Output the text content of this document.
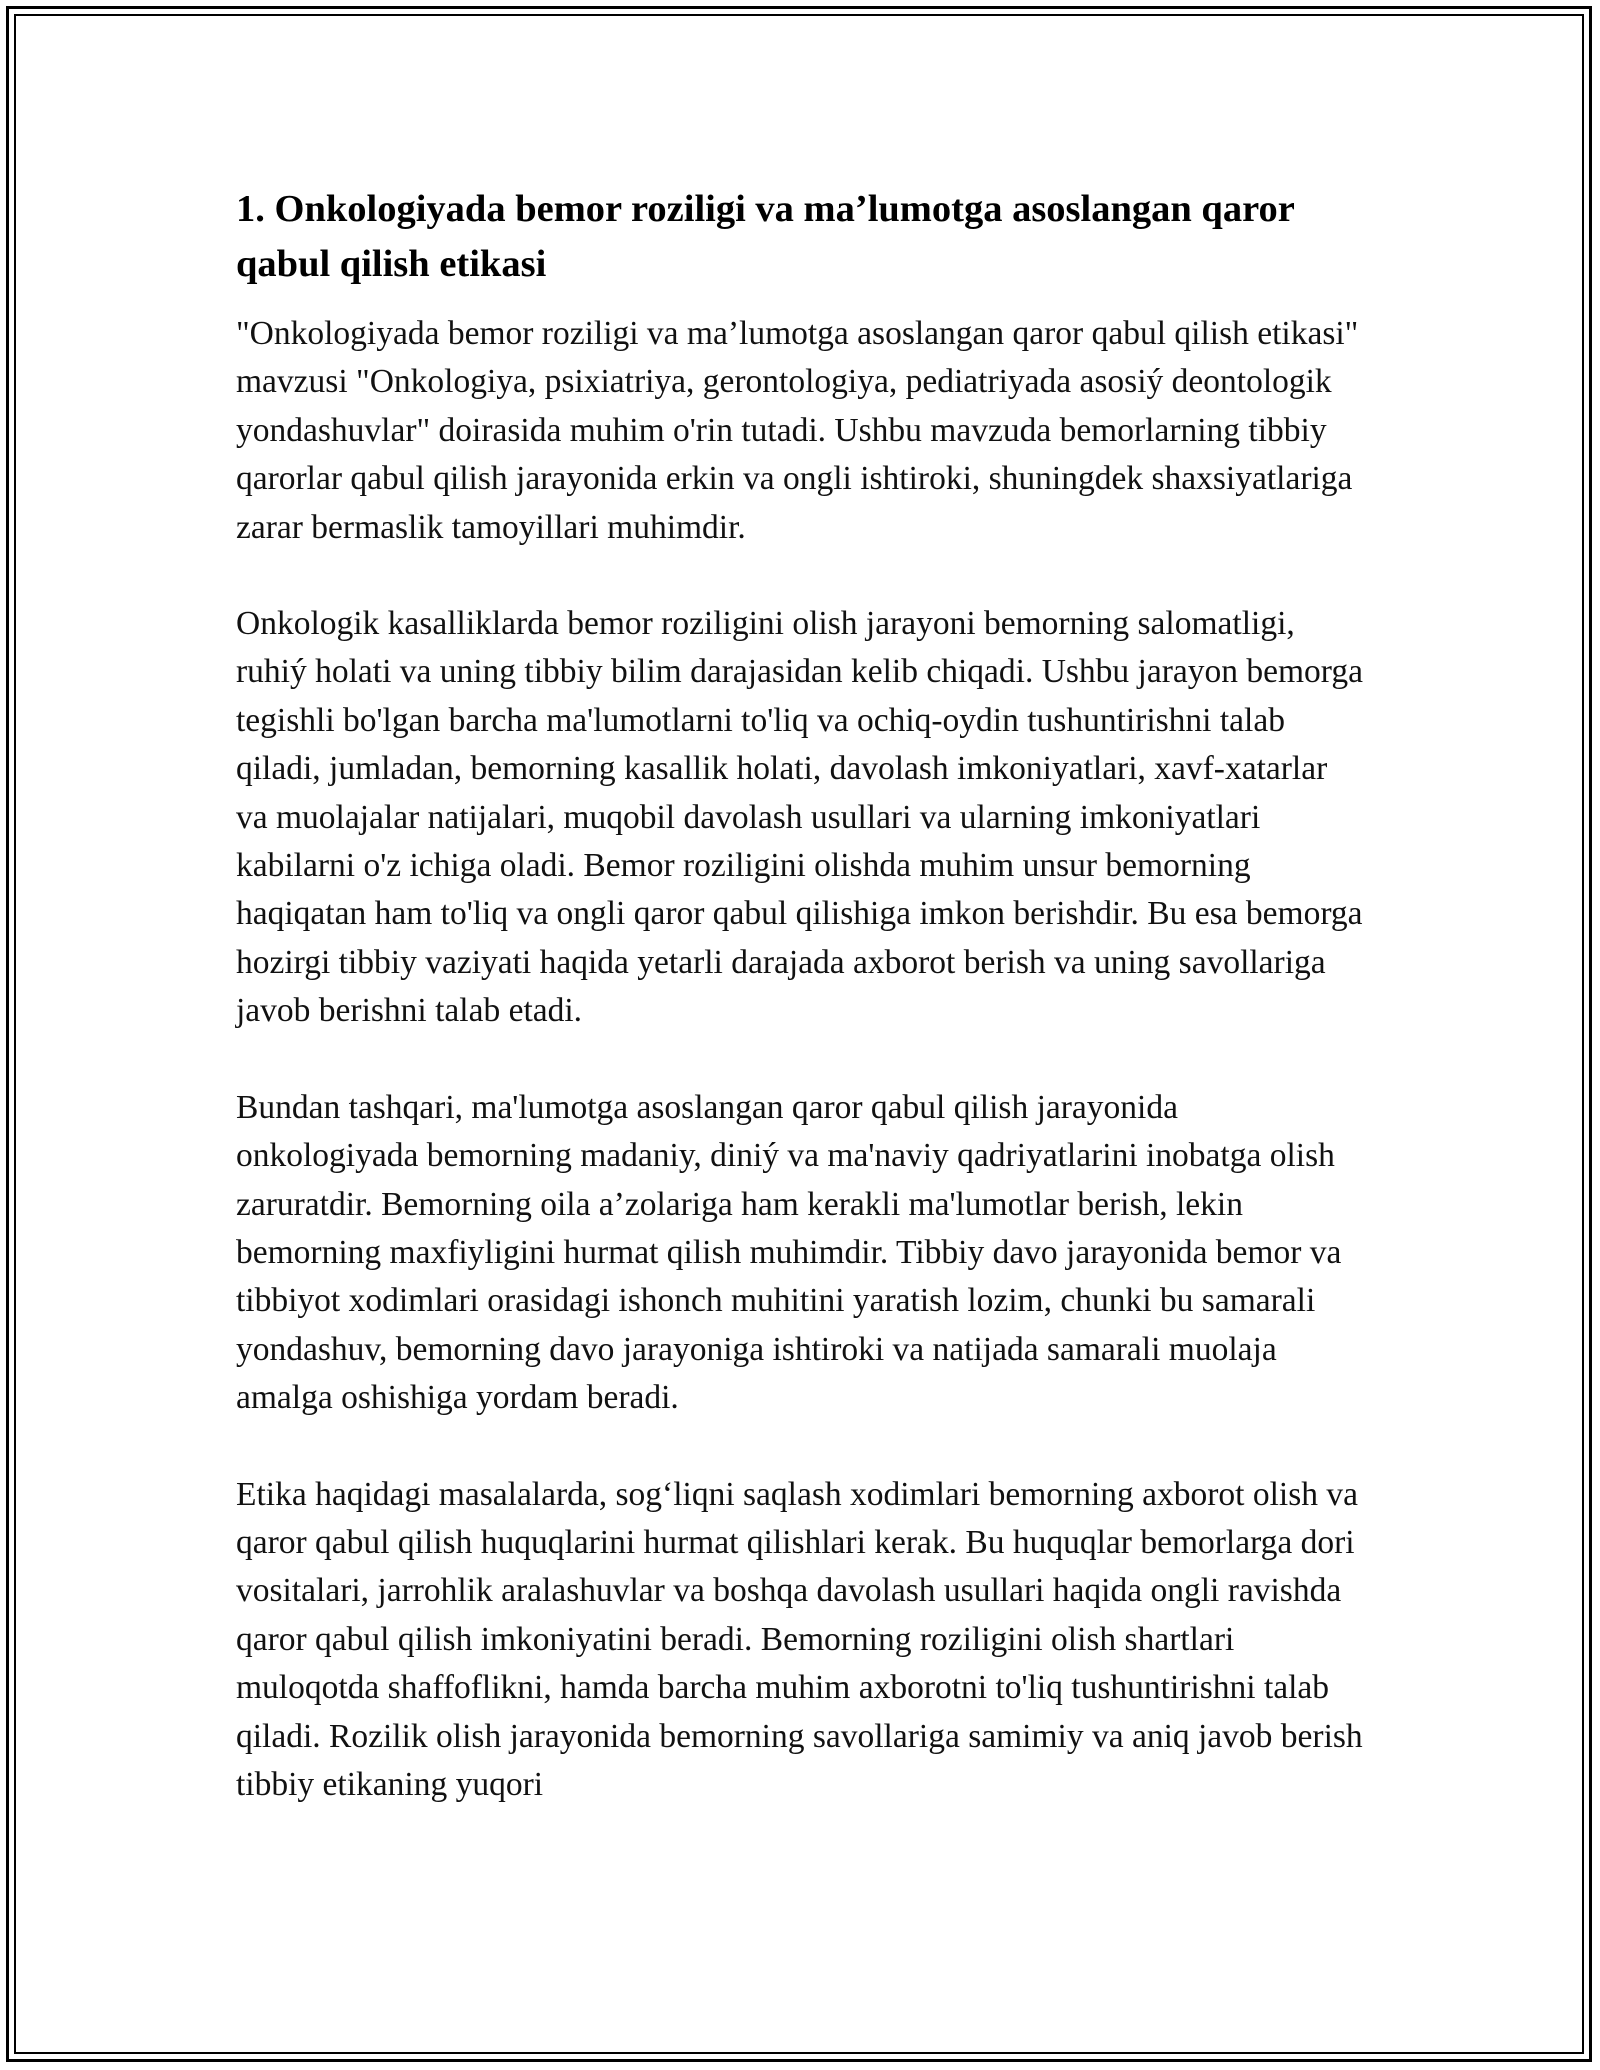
1. Onkologiyada bemor roziligi va ma’lumotga asoslangan qaror qabul qilish etikasi

"Onkologiyada bemor roziligi va ma’lumotga asoslangan qaror qabul qilish etikasi" mavzusi "Onkologiya, psixiatriya, gerontologiya, pediatriyada asosiý deontologik yondashuvlar" doirasida muhim o'rin tutadi. Ushbu mavzuda bemorlarning tibbiy qarorlar qabul qilish jarayonida erkin va ongli ishtiroki, shuningdek shaxsiyatlariga zarar bermaslik tamoyillari muhimdir.

Onkologik kasalliklarda bemor roziligini olish jarayoni bemorning salomatligi, ruhiý holati va uning tibbiy bilim darajasidan kelib chiqadi. Ushbu jarayon bemorga tegishli bo'lgan barcha ma'lumotlarni to'liq va ochiq-oydin tushuntirishni talab qiladi, jumladan, bemorning kasallik holati, davolash imkoniyatlari, xavf-xatarlar va muolajalar natijalari, muqobil davolash usullari va ularning imkoniyatlari kabilarni o'z ichiga oladi. Bemor roziligini olishda muhim unsur bemorning haqiqatan ham to'liq va ongli qaror qabul qilishiga imkon berishdir. Bu esa bemorga hozirgi tibbiy vaziyati haqida yetarli darajada axborot berish va uning savollariga javob berishni talab etadi.

Bundan tashqari, ma'lumotga asoslangan qaror qabul qilish jarayonida onkologiyada bemorning madaniy, diniý va ma'naviy qadriyatlarini inobatga olish zaruratdir. Bemorning oila a’zolariga ham kerakli ma'lumotlar berish, lekin bemorning maxfiyligini hurmat qilish muhimdir. Tibbiy davo jarayonida bemor va tibbiyot xodimlari orasidagi ishonch muhitini yaratish lozim, chunki bu samarali yondashuv, bemorning davo jarayoniga ishtiroki va natijada samarali muolaja amalga oshishiga yordam beradi.

Etika haqidagi masalalarda, sog‘liqni saqlash xodimlari bemorning axborot olish va qaror qabul qilish huquqlarini hurmat qilishlari kerak. Bu huquqlar bemorlarga dori vositalari, jarrohlik aralashuvlar va boshqa davolash usullari haqida ongli ravishda qaror qabul qilish imkoniyatini beradi. Bemorning roziligini olish shartlari muloqotda shaffoflikni, hamda barcha muhim axborotni to'liq tushuntirishni talab qiladi. Rozilik olish jarayonida bemorning savollariga samimiy va aniq javob berish tibbiy etikaning yuqori
